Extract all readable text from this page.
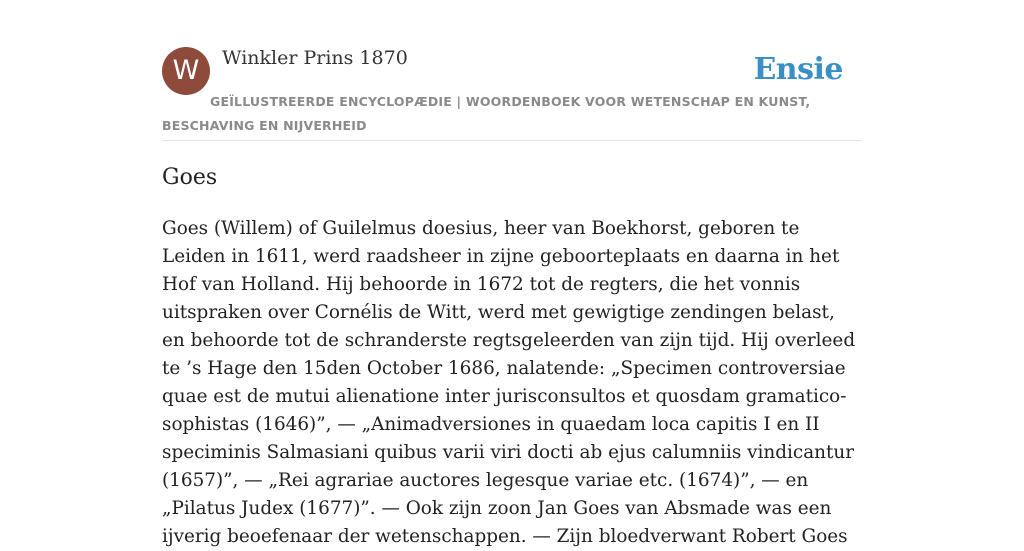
W	Winkler Prins 1870	Ensie
GEÏLLUSTREERDE ENCYCLOPÆDIE | WOORDENBOEK VOOR WETENSCHAP EN KUNST, BESCHAVING EN NIJVERHEID
Goes

Goes (Willem) of Guilelmus doesius, heer van Boekhorst, geboren te Leiden in 1611, werd raadsheer in zijne geboorteplaats en daarna in het Hof van Holland. Hij behoorde in 1672 tot de regters, die het vonnis uitspraken over Cornélis de Witt, werd met gewigtige zendingen belast, en behoorde tot de schranderste regtsgeleerden van zijn tijd. Hij overleed te ’s Hage den 15den October 1686, nalatende: „Specimen controversiae quae est de mutui alienatione inter jurisconsultos et quosdam gramatico-sophistas (1646)”, — „Animadversiones in quaedam loca capitis I en II speciminis Salmasiani quibus varii viri docti ab ejus calumniis vindicantur (1657)”, — „Rei agrariae auctores legesque variae etc. (1674)”, — en „Pilatus Judex (1677)”. — Ook zijn zoon Jan Goes van Absmade was een ijverig beoefenaar der wetenschappen. — Zijn bloedverwant Robert Goes
